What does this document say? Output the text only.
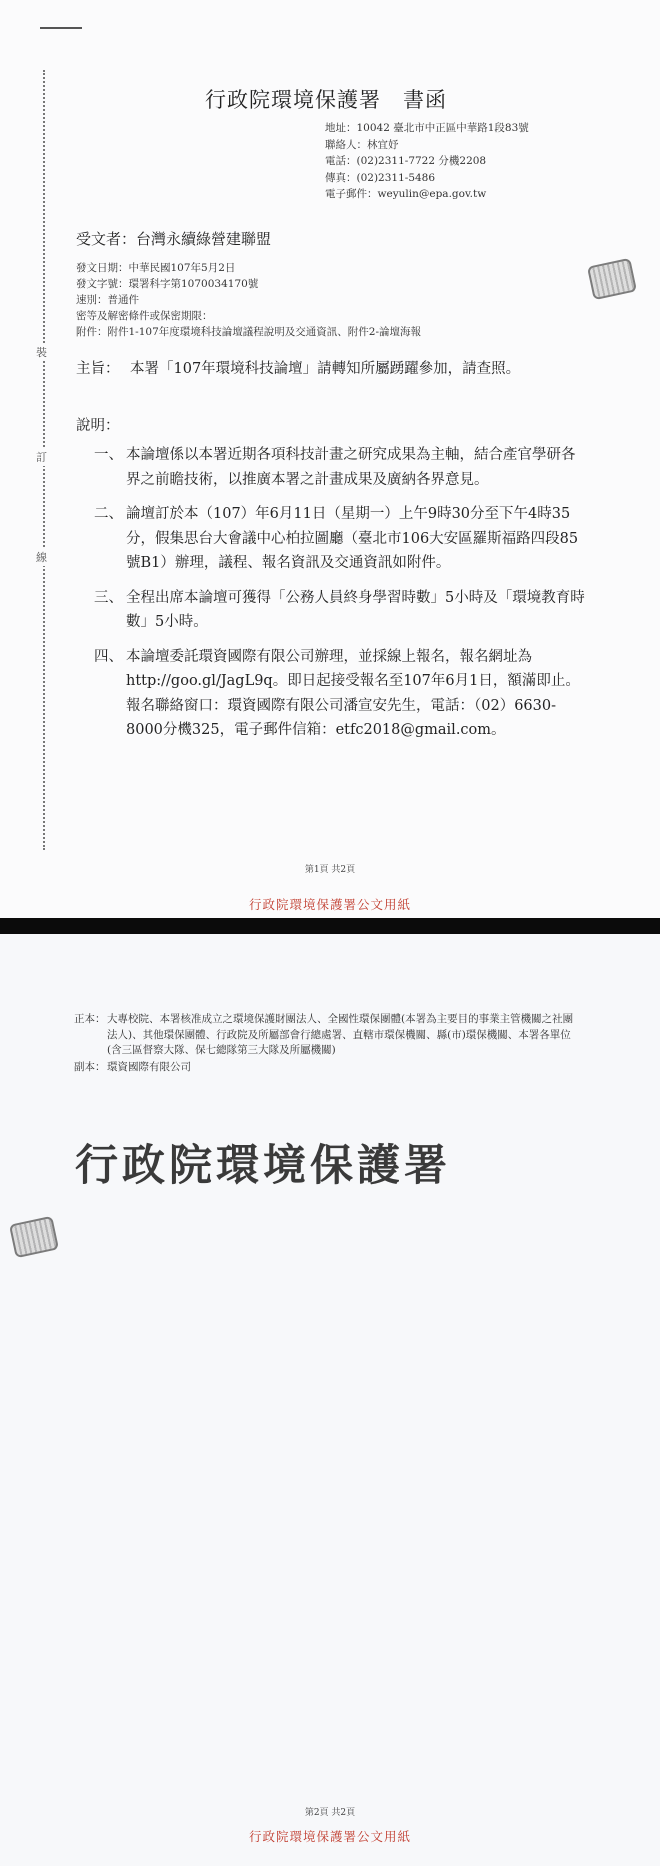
裝
訂
線
行政院環境保護署 書函
地址：10042 臺北市中正區中華路1段83號
聯絡人：林宜妤
電話：(02)2311-7722 分機2208
傳真：(02)2311-5486
電子郵件：weyulin@epa.gov.tw
受文者：台灣永續綠營建聯盟
發文日期：中華民國107年5月2日
發文字號：環署科字第1070034170號
速別：普通件
密等及解密條件或保密期限：
附件：附件1-107年度環境科技論壇議程說明及交通資訊、附件2-論壇海報
主旨： 本署「107年環境科技論壇」請轉知所屬踴躍參加，請查照。
說明：
一、 本論壇係以本署近期各項科技計畫之研究成果為主軸，結合產官學研各界之前瞻技術，以推廣本署之計畫成果及廣納各界意見。
二、 論壇訂於本（107）年6月11日（星期一）上午9時30分至下午4時35分，假集思台大會議中心柏拉圖廳（臺北市106大安區羅斯福路四段85號B1）辦理，議程、報名資訊及交通資訊如附件。
三、 全程出席本論壇可獲得「公務人員終身學習時數」5小時及「環境教育時數」5小時。
四、 本論壇委託環資國際有限公司辦理，並採線上報名，報名網址為http://goo.gl/JagL9q。即日起接受報名至107年6月1日，額滿即止。報名聯絡窗口：環資國際有限公司潘宣安先生，電話：（02）6630-8000分機325，電子郵件信箱：etfc2018@gmail.com。
第1頁 共2頁
行政院環境保護署公文用紙
正本： 大專校院、本署核准成立之環境保護財團法人、全國性環保團體(本署為主要目的事業主管機關之社團法人)、其他環保團體、行政院及所屬部會行總處署、直轄市環保機關、縣(市)環保機關、本署各單位(含三區督察大隊、保七總隊第三大隊及所屬機關)
副本： 環資國際有限公司
行政院環境保護署
第2頁 共2頁
行政院環境保護署公文用紙
